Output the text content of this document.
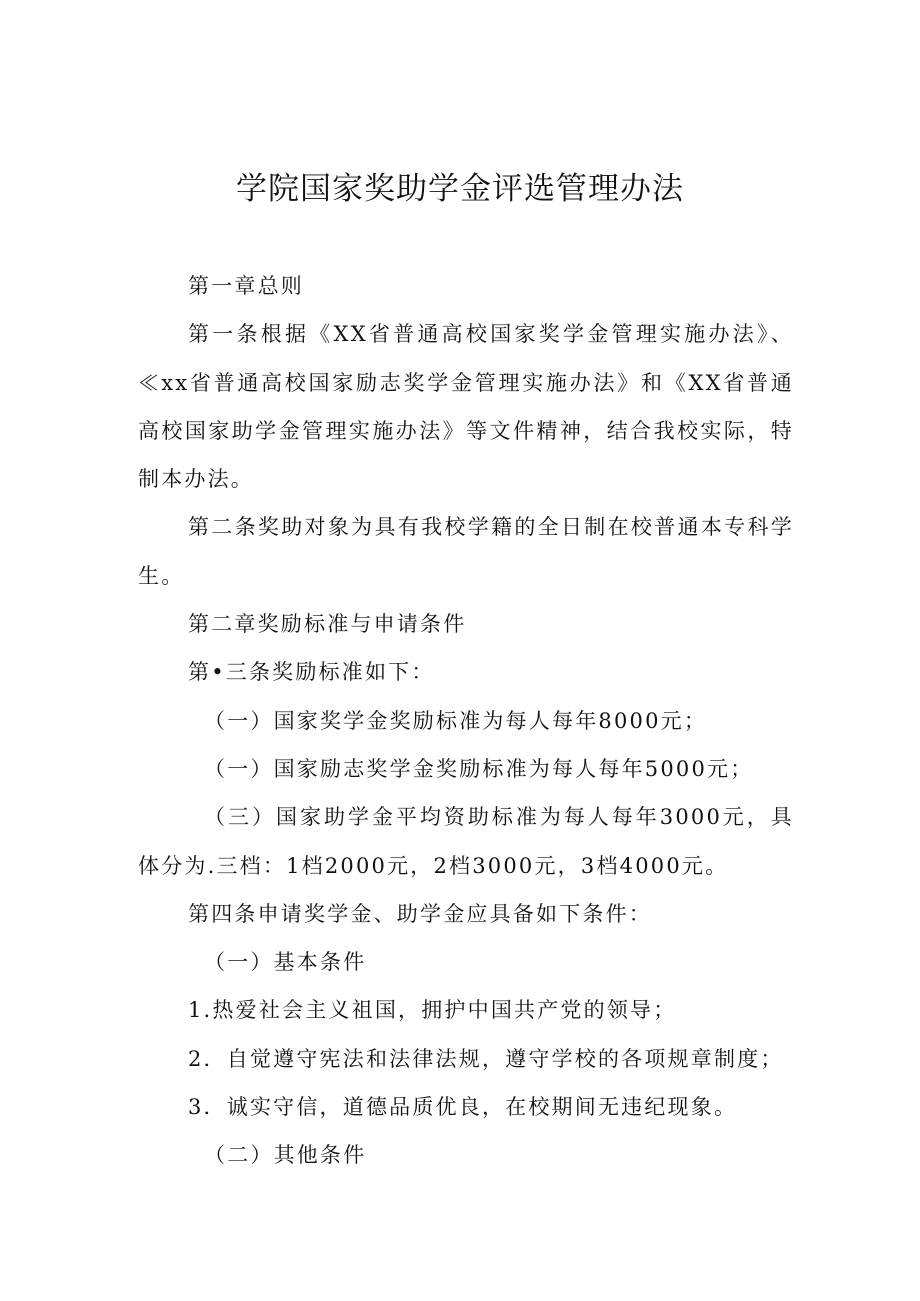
学院国家奖助学金评选管理办法

第一章总则

第一条根据《XX省普通高校国家奖学金管理实施办法》、≪xx省普通高校国家励志奖学金管理实施办法》和《XX省普通高校国家助学金管理实施办法》等文件精神，结合我校实际，特制本办法。

第二条奖助对象为具有我校学籍的全日制在校普通本专科学生。

第二章奖励标准与申请条件

第•三条奖励标准如下：

（一）国家奖学金奖励标准为每人每年8000元；

（一）国家励志奖学金奖励标准为每人每年5000元；

（三）国家助学金平均资助标准为每人每年3000元，具体分为.三档：1档2000元，2档3000元，3档4000元。

第四条申请奖学金、助学金应具备如下条件：

（一）基本条件

1.热爱社会主义祖国，拥护中国共产党的领导；

2．自觉遵守宪法和法律法规，遵守学校的各项规章制度；

3．诚实守信，道德品质优良，在校期间无违纪现象。

（二）其他条件
